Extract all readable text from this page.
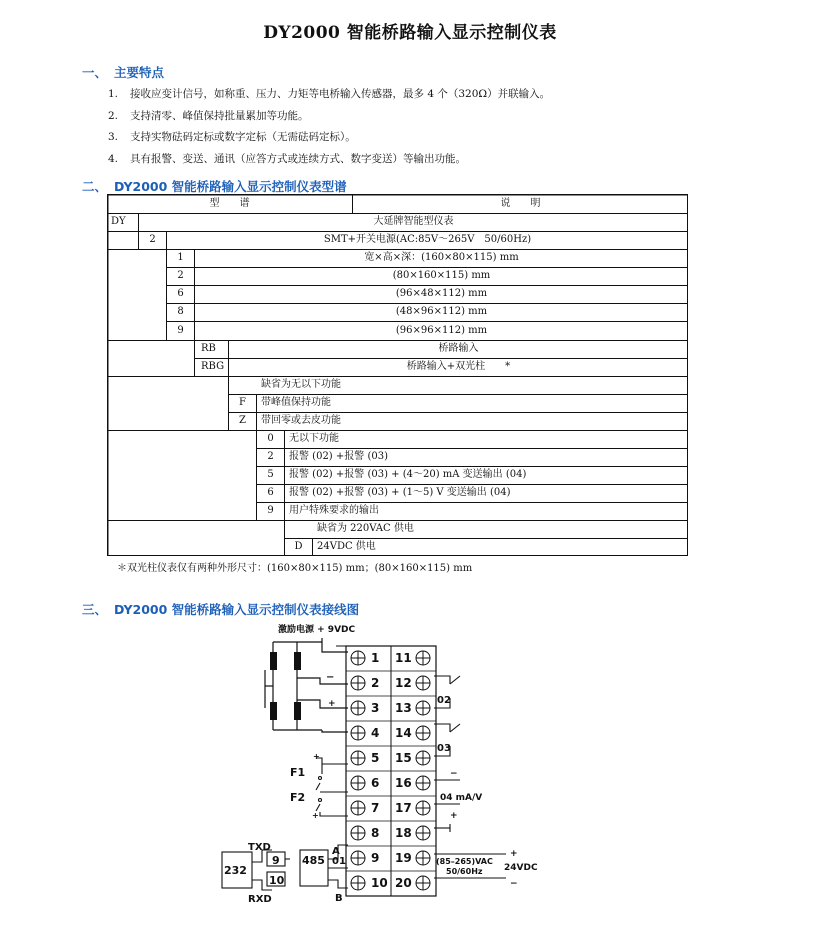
DY2000 智能桥路输入显示控制仪表
一、 主要特点
1. 接收应变计信号，如称重、压力、力矩等电桥输入传感器，最多 4 个（320Ω）并联输入。
2. 支持清零、峰值保持批量累加等功能。
3. 支持实物砝码定标或数字定标（无需砝码定标）。
4. 具有报警、变送、通讯（应答方式或连续方式、数字变送）等输出功能。
二、 DY2000 智能桥路输入显示控制仪表型谱
型　　谱	说　　明
DY	大延牌智能型仪表
2	SMT+开关电源(AC:85V～265V　50/60Hz)
1	宽×高×深：(160×80×115) mm
2	(80×160×115) mm
6	(96×48×112) mm
8	(48×96×112) mm
9	(96×96×112) mm
RB	桥路输入
RBG	桥路输入+双光柱　　*
缺省为无以下功能
F	带峰值保持功能
Z	带回零或去皮功能
0	无以下功能
2	报警 (02) +报警 (03)
5	报警 (02) +报警 (03) + (4～20) mA 变送输出 (04)
6	报警 (02) +报警 (03) + (1～5) V 变送输出 (04)
9	用户特殊要求的输出
缺省为 220VAC 供电
D	24VDC 供电
＊双光柱仪表仅有两种外形尺寸：(160×80×115) mm；(80×160×115) mm
三、 DY2000 智能桥路输入显示控制仪表接线图
激励电源 + 9VDC
1 11
2 12
3 13
4 14
5 15
6 16
7 17
8 18
9 19
10 20
−
+
+
+
F1
F2
485 01
A
B
232
9
10
TXD
RXD
02
03
04 mA/V
−
+
(85–265)VAC
50/60Hz 24VDC
+
−
